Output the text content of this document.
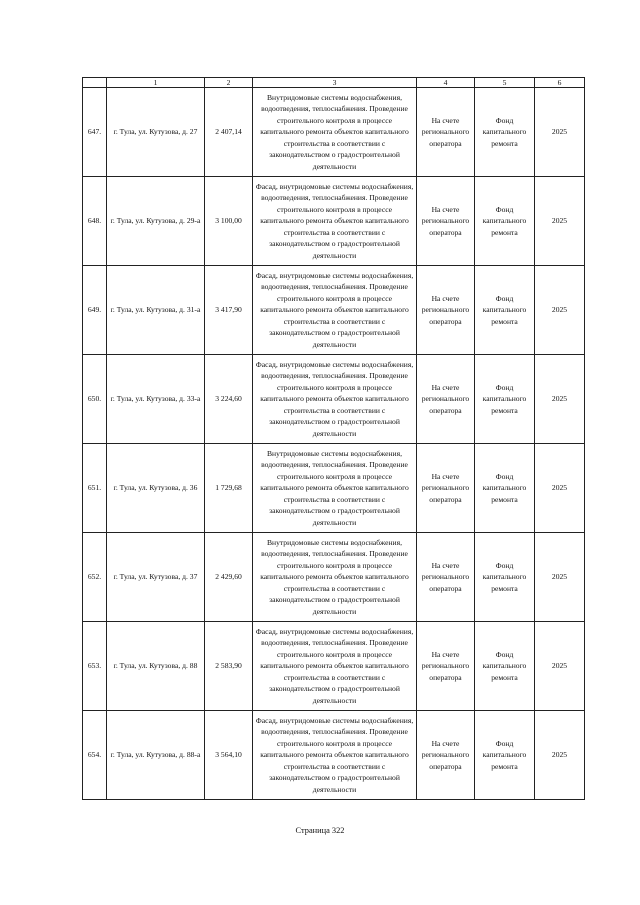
	1	2	3	4	5	6
647.	г. Тула, ул. Кутузова, д. 27	2 407,14	Внутридомовые системы водоснабжения, водоотведения, теплоснабжения. Проведение строительного контроля в процессе капитального ремонта объектов капитального строительства в соответствии с законодательством о градостроительной деятельности	На счете регионального оператора	Фонд капитального ремонта	2025
648.	г. Тула, ул. Кутузова, д. 29-а	3 100,00	Фасад, внутридомовые системы водоснабжения, водоотведения, теплоснабжения. Проведение строительного контроля в процессе капитального ремонта объектов капитального строительства в соответствии с законодательством о градостроительной деятельности	На счете регионального оператора	Фонд капитального ремонта	2025
649.	г. Тула, ул. Кутузова, д. 31-а	3 417,90	Фасад, внутридомовые системы водоснабжения, водоотведения, теплоснабжения. Проведение строительного контроля в процессе капитального ремонта объектов капитального строительства в соответствии с законодательством о градостроительной деятельности	На счете регионального оператора	Фонд капитального ремонта	2025
650.	г. Тула, ул. Кутузова, д. 33-а	3 224,60	Фасад, внутридомовые системы водоснабжения, водоотведения, теплоснабжения. Проведение строительного контроля в процессе капитального ремонта объектов капитального строительства в соответствии с законодательством о градостроительной деятельности	На счете регионального оператора	Фонд капитального ремонта	2025
651.	г. Тула, ул. Кутузова, д. 36	1 729,68	Внутридомовые системы водоснабжения, водоотведения, теплоснабжения. Проведение строительного контроля в процессе капитального ремонта объектов капитального строительства в соответствии с законодательством о градостроительной деятельности	На счете регионального оператора	Фонд капитального ремонта	2025
652.	г. Тула, ул. Кутузова, д. 37	2 429,60	Внутридомовые системы водоснабжения, водоотведения, теплоснабжения. Проведение строительного контроля в процессе капитального ремонта объектов капитального строительства в соответствии с законодательством о градостроительной деятельности	На счете регионального оператора	Фонд капитального ремонта	2025
653.	г. Тула, ул. Кутузова, д. 88	2 583,90	Фасад, внутридомовые системы водоснабжения, водоотведения, теплоснабжения. Проведение строительного контроля в процессе капитального ремонта объектов капитального строительства в соответствии с законодательством о градостроительной деятельности	На счете регионального оператора	Фонд капитального ремонта	2025
654.	г. Тула, ул. Кутузова, д. 88-а	3 564,10	Фасад, внутридомовые системы водоснабжения, водоотведения, теплоснабжения. Проведение строительного контроля в процессе капитального ремонта объектов капитального строительства в соответствии с законодательством о градостроительной деятельности	На счете регионального оператора	Фонд капитального ремонта	2025
Страница 322
